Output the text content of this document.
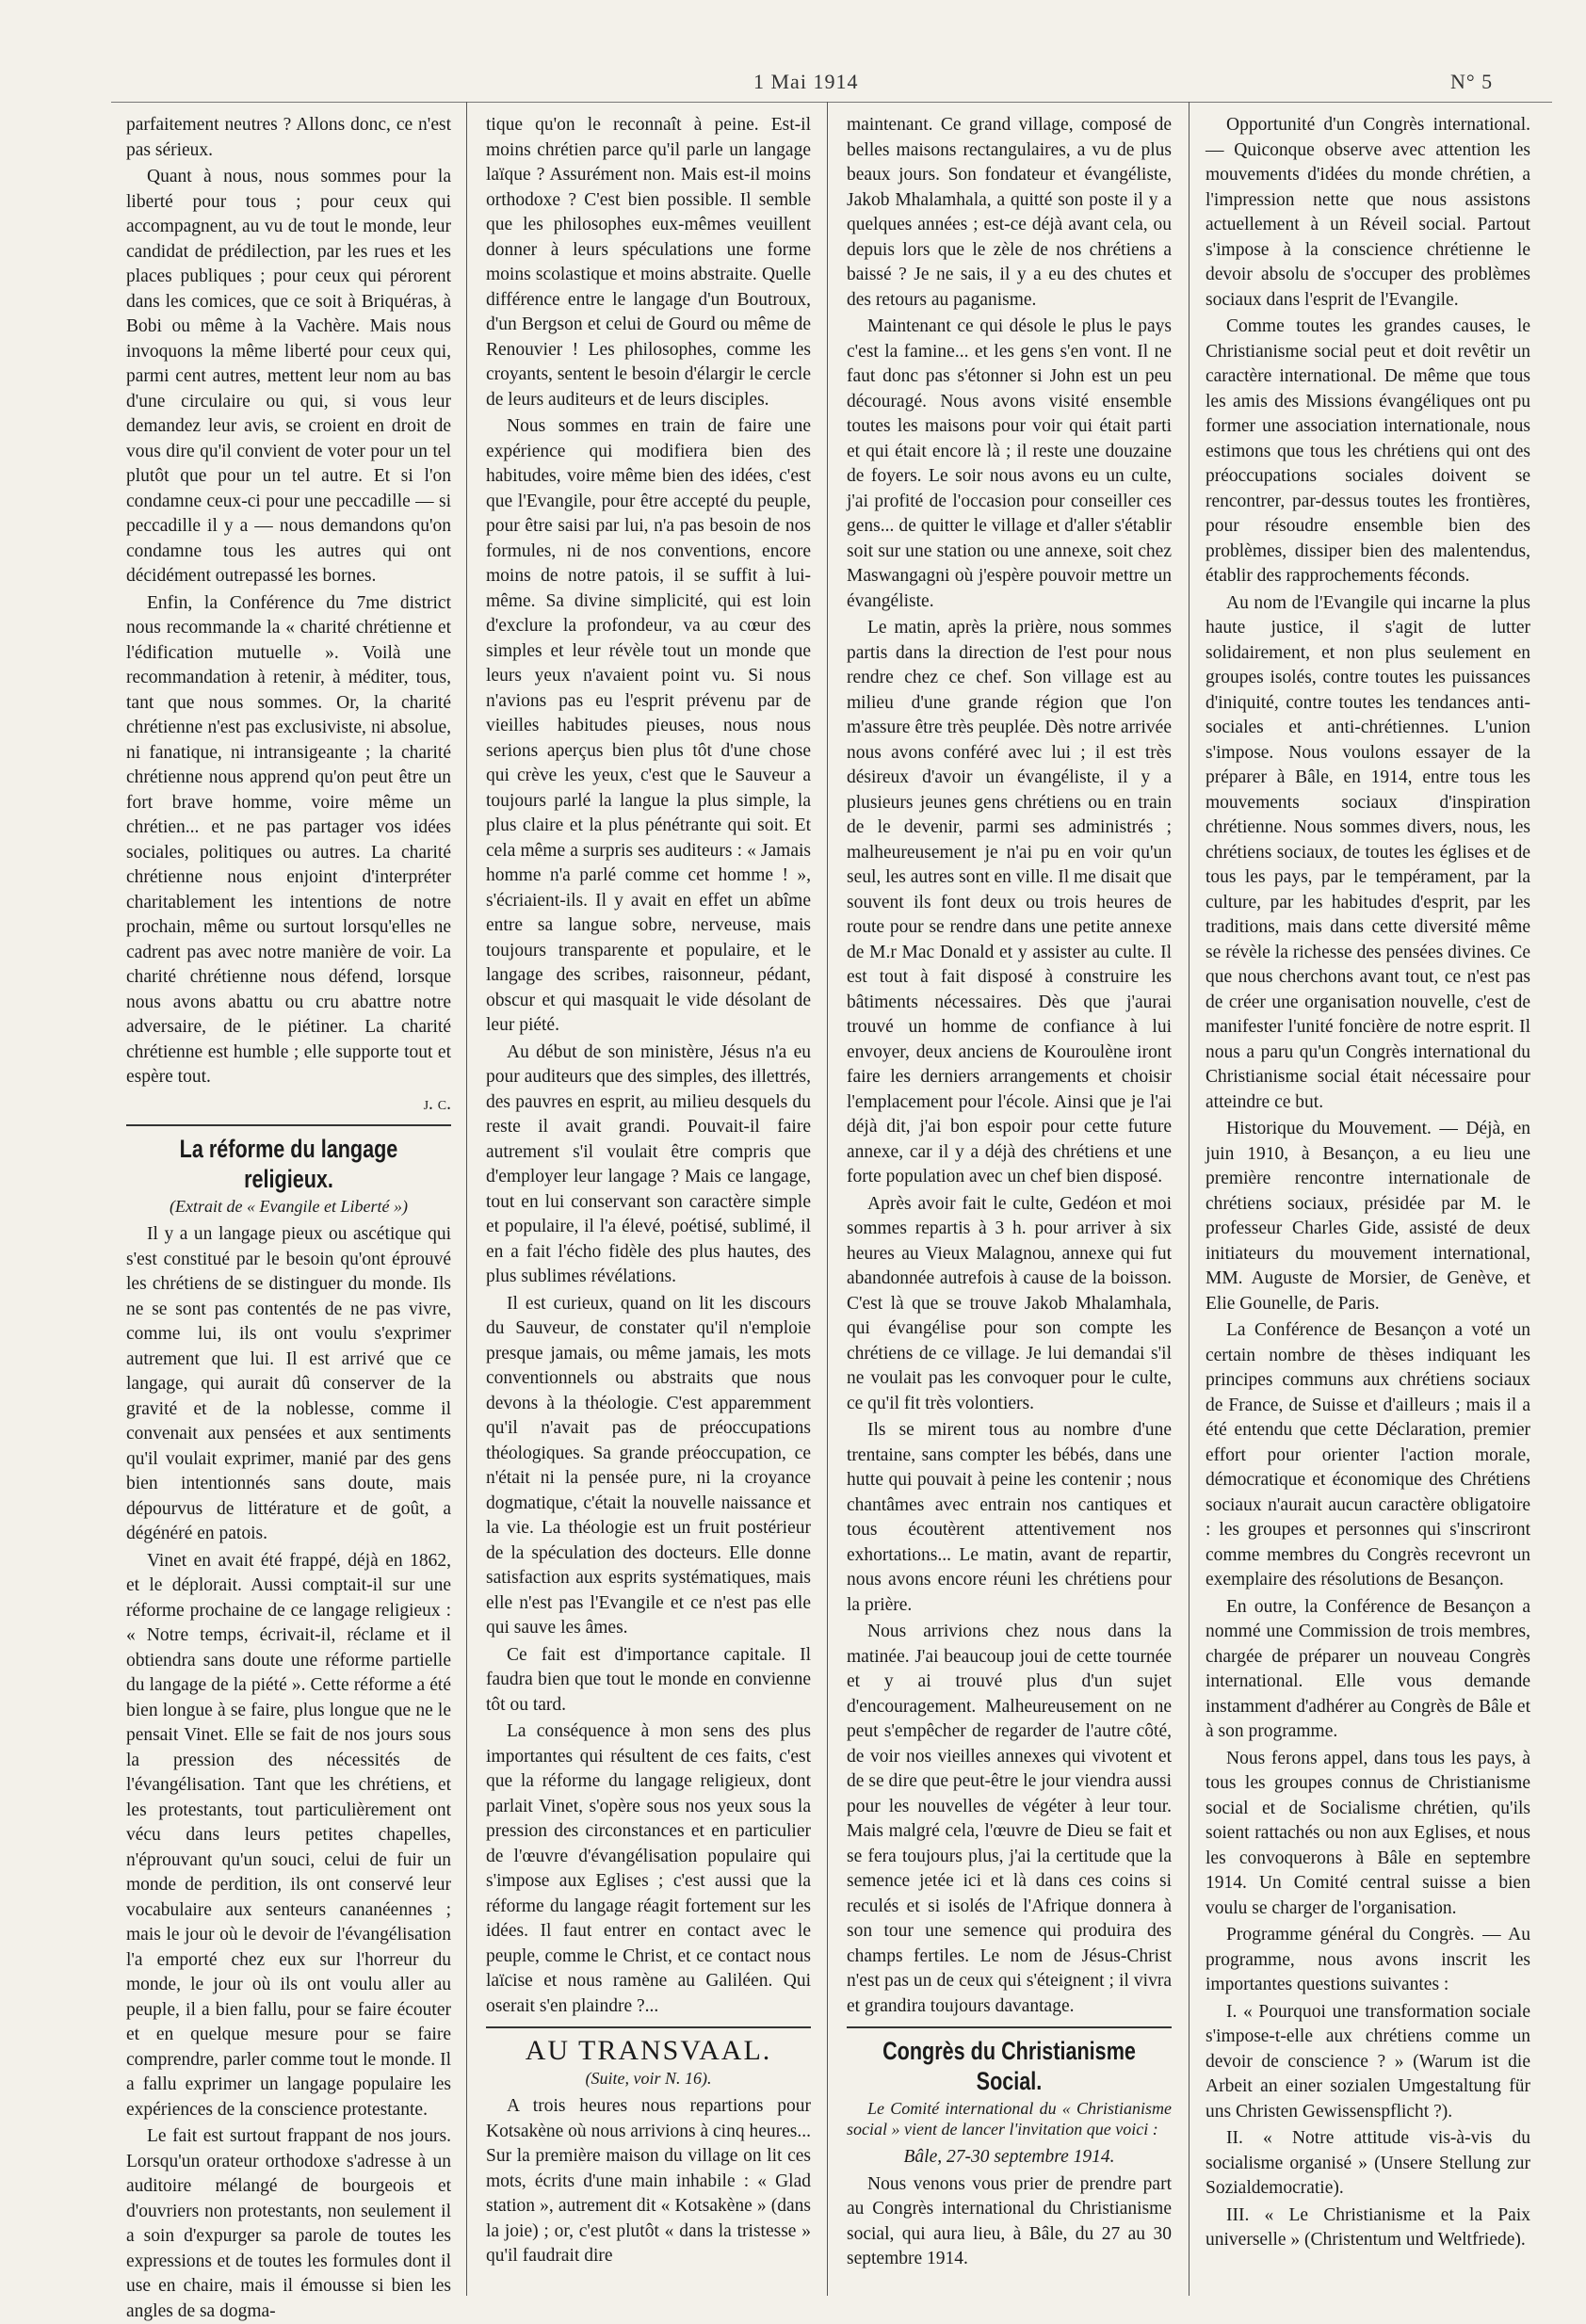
N° 5
1 Mai 1914

parfaitement neutres ? Allons donc, ce n'est pas sérieux.

Quant à nous, nous sommes pour la liberté pour tous ; pour ceux qui accompagnent, au vu de tout le monde, leur candidat de prédilection, par les rues et les places publiques ; pour ceux qui pérorent dans les comices, que ce soit à Briquéras, à Bobi ou même à la Vachère. Mais nous invoquons la même liberté pour ceux qui, parmi cent autres, mettent leur nom au bas d'une circulaire ou qui, si vous leur demandez leur avis, se croient en droit de vous dire qu'il convient de voter pour un tel plutôt que pour un tel autre. Et si l'on condamne ceux-ci pour une peccadille — si peccadille il y a — nous demandons qu'on condamne tous les autres qui ont décidément outrepassé les bornes.

Enfin, la Conférence du 7me district nous recommande la « charité chrétienne et l'édification mutuelle ». Voilà une recommandation à retenir, à méditer, tous, tant que nous sommes. Or, la charité chrétienne n'est pas exclusiviste, ni absolue, ni fanatique, ni intransigeante ; la charité chrétienne nous apprend qu'on peut être un fort brave homme, voire même un chrétien... et ne pas partager vos idées sociales, politiques ou autres. La charité chrétienne nous enjoint d'interpréter charitablement les intentions de notre prochain, même ou surtout lorsqu'elles ne cadrent pas avec notre manière de voir. La charité chrétienne nous défend, lorsque nous avons abattu ou cru abattre notre adversaire, de le piétiner. La charité chrétienne est humble ; elle supporte tout et espère tout.

j. c.

La réforme du langage religieux.
(Extrait de « Evangile et Liberté »)

Il y a un langage pieux ou ascétique qui s'est constitué par le besoin qu'ont éprouvé les chrétiens de se distinguer du monde. Ils ne se sont pas contentés de ne pas vivre, comme lui, ils ont voulu s'exprimer autrement que lui. Il est arrivé que ce langage, qui aurait dû conserver de la gravité et de la noblesse, comme il convenait aux pensées et aux sentiments qu'il voulait exprimer, manié par des gens bien intentionnés sans doute, mais dépourvus de littérature et de goût, a dégénéré en patois.

Vinet en avait été frappé, déjà en 1862, et le déplorait. Aussi comptait-il sur une réforme prochaine de ce langage religieux : « Notre temps, écrivait-il, réclame et il obtiendra sans doute une réforme partielle du langage de la piété ». Cette réforme a été bien longue à se faire, plus longue que ne le pensait Vinet. Elle se fait de nos jours sous la pression des nécessités de l'évangélisation. Tant que les chrétiens, et les protestants, tout particulièrement ont vécu dans leurs petites chapelles, n'éprouvant qu'un souci, celui de fuir un monde de perdition, ils ont conservé leur vocabulaire aux senteurs cananéennes ; mais le jour où le devoir de l'évangélisation l'a emporté chez eux sur l'horreur du monde, le jour où ils ont voulu aller au peuple, il a bien fallu, pour se faire écouter et en quelque mesure pour se faire comprendre, parler comme tout le monde. Il a fallu exprimer un langage populaire les expériences de la conscience protestante.

Le fait est surtout frappant de nos jours. Lorsqu'un orateur orthodoxe s'adresse à un auditoire mélangé de bourgeois et d'ouvriers non protestants, non seulement il a soin d'expurger sa parole de toutes les expressions et de toutes les formules dont il use en chaire, mais il émousse si bien les angles de sa dogma-

tique qu'on le reconnaît à peine. Est-il moins chrétien parce qu'il parle un langage laïque ? Assurément non. Mais est-il moins orthodoxe ? C'est bien possible. Il semble que les philosophes eux-mêmes veuillent donner à leurs spéculations une forme moins scolastique et moins abstraite. Quelle différence entre le langage d'un Boutroux, d'un Bergson et celui de Gourd ou même de Renouvier ! Les philosophes, comme les croyants, sentent le besoin d'élargir le cercle de leurs auditeurs et de leurs disciples.

Nous sommes en train de faire une expérience qui modifiera bien des habitudes, voire même bien des idées, c'est que l'Evangile, pour être accepté du peuple, pour être saisi par lui, n'a pas besoin de nos formules, ni de nos conventions, encore moins de notre patois, il se suffit à lui-même. Sa divine simplicité, qui est loin d'exclure la profondeur, va au cœur des simples et leur révèle tout un monde que leurs yeux n'avaient point vu. Si nous n'avions pas eu l'esprit prévenu par de vieilles habitudes pieuses, nous nous serions aperçus bien plus tôt d'une chose qui crève les yeux, c'est que le Sauveur a toujours parlé la langue la plus simple, la plus claire et la plus pénétrante qui soit. Et cela même a surpris ses auditeurs : « Jamais homme n'a parlé comme cet homme ! », s'écriaient-ils. Il y avait en effet un abîme entre sa langue sobre, nerveuse, mais toujours transparente et populaire, et le langage des scribes, raisonneur, pédant, obscur et qui masquait le vide désolant de leur piété.

Au début de son ministère, Jésus n'a eu pour auditeurs que des simples, des illettrés, des pauvres en esprit, au milieu desquels du reste il avait grandi. Pouvait-il faire autrement s'il voulait être compris que d'employer leur langage ? Mais ce langage, tout en lui conservant son caractère simple et populaire, il l'a élevé, poétisé, sublimé, il en a fait l'écho fidèle des plus hautes, des plus sublimes révélations.

Il est curieux, quand on lit les discours du Sauveur, de constater qu'il n'emploie presque jamais, ou même jamais, les mots conventionnels ou abstraits que nous devons à la théologie. C'est apparemment qu'il n'avait pas de préoccupations théologiques. Sa grande préoccupation, ce n'était ni la pensée pure, ni la croyance dogmatique, c'était la nouvelle naissance et la vie. La théologie est un fruit postérieur de la spéculation des docteurs. Elle donne satisfaction aux esprits systématiques, mais elle n'est pas l'Evangile et ce n'est pas elle qui sauve les âmes.

Ce fait est d'importance capitale. Il faudra bien que tout le monde en convienne tôt ou tard.

La conséquence à mon sens des plus importantes qui résultent de ces faits, c'est que la réforme du langage religieux, dont parlait Vinet, s'opère sous nos yeux sous la pression des circonstances et en particulier de l'œuvre d'évangélisation populaire qui s'impose aux Eglises ; c'est aussi que la réforme du langage réagit fortement sur les idées. Il faut entrer en contact avec le peuple, comme le Christ, et ce contact nous laïcise et nous ramène au Galiléen. Qui oserait s'en plaindre ?...

AU TRANSVAAL.
(Suite, voir N. 16).

A trois heures nous repartions pour Kotsakène où nous arrivions à cinq heures... Sur la première maison du village on lit ces mots, écrits d'une main inhabile : « Glad station », autrement dit « Kotsakène » (dans la joie) ; or, c'est plutôt « dans la tristesse » qu'il faudrait dire

maintenant. Ce grand village, composé de belles maisons rectangulaires, a vu de plus beaux jours. Son fondateur et évangéliste, Jakob Mhalamhala, a quitté son poste il y a quelques années ; est-ce déjà avant cela, ou depuis lors que le zèle de nos chrétiens a baissé ? Je ne sais, il y a eu des chutes et des retours au paganisme.

Maintenant ce qui désole le plus le pays c'est la famine... et les gens s'en vont. Il ne faut donc pas s'étonner si John est un peu découragé. Nous avons visité ensemble toutes les maisons pour voir qui était parti et qui était encore là ; il reste une douzaine de foyers. Le soir nous avons eu un culte, j'ai profité de l'occasion pour conseiller ces gens... de quitter le village et d'aller s'établir soit sur une station ou une annexe, soit chez Maswangagni où j'espère pouvoir mettre un évangéliste.

Le matin, après la prière, nous sommes partis dans la direction de l'est pour nous rendre chez ce chef. Son village est au milieu d'une grande région que l'on m'assure être très peuplée. Dès notre arrivée nous avons conféré avec lui ; il est très désireux d'avoir un évangéliste, il y a plusieurs jeunes gens chrétiens ou en train de le devenir, parmi ses administrés ; malheureusement je n'ai pu en voir qu'un seul, les autres sont en ville. Il me disait que souvent ils font deux ou trois heures de route pour se rendre dans une petite annexe de M.r Mac Donald et y assister au culte. Il est tout à fait disposé à construire les bâtiments nécessaires. Dès que j'aurai trouvé un homme de confiance à lui envoyer, deux anciens de Kouroulène iront faire les derniers arrangements et choisir l'emplacement pour l'école. Ainsi que je l'ai déjà dit, j'ai bon espoir pour cette future annexe, car il y a déjà des chrétiens et une forte population avec un chef bien disposé.

Après avoir fait le culte, Gedéon et moi sommes repartis à 3 h. pour arriver à six heures au Vieux Malagnou, annexe qui fut abandonnée autrefois à cause de la boisson. C'est là que se trouve Jakob Mhalamhala, qui évangélise pour son compte les chrétiens de ce village. Je lui demandai s'il ne voulait pas les convoquer pour le culte, ce qu'il fit très volontiers.

Ils se mirent tous au nombre d'une trentaine, sans compter les bébés, dans une hutte qui pouvait à peine les contenir ; nous chantâmes avec entrain nos cantiques et tous écoutèrent attentivement nos exhortations... Le matin, avant de repartir, nous avons encore réuni les chrétiens pour la prière.

Nous arrivions chez nous dans la matinée. J'ai beaucoup joui de cette tournée et y ai trouvé plus d'un sujet d'encouragement. Malheureusement on ne peut s'empêcher de regarder de l'autre côté, de voir nos vieilles annexes qui vivotent et de se dire que peut-être le jour viendra aussi pour les nouvelles de végéter à leur tour. Mais malgré cela, l'œuvre de Dieu se fait et se fera toujours plus, j'ai la certitude que la semence jetée ici et là dans ces coins si reculés et si isolés de l'Afrique donnera à son tour une semence qui produira des champs fertiles. Le nom de Jésus-Christ n'est pas un de ceux qui s'éteignent ; il vivra et grandira toujours davantage.

Congrès du Christianisme Social.
Le Comité international du « Christianisme social » vient de lancer l'invitation que voici :

Bâle, 27-30 septembre 1914.

Nous venons vous prier de prendre part au Congrès international du Christianisme social, qui aura lieu, à Bâle, du 27 au 30 septembre 1914.

Opportunité d'un Congrès international. — Quiconque observe avec attention les mouvements d'idées du monde chrétien, a l'impression nette que nous assistons actuellement à un Réveil social. Partout s'impose à la conscience chrétienne le devoir absolu de s'occuper des problèmes sociaux dans l'esprit de l'Evangile.

Comme toutes les grandes causes, le Christianisme social peut et doit revêtir un caractère international. De même que tous les amis des Missions évangéliques ont pu former une association internationale, nous estimons que tous les chrétiens qui ont des préoccupations sociales doivent se rencontrer, par-dessus toutes les frontières, pour résoudre ensemble bien des problèmes, dissiper bien des malentendus, établir des rapprochements féconds.

Au nom de l'Evangile qui incarne la plus haute justice, il s'agit de lutter solidairement, et non plus seulement en groupes isolés, contre toutes les puissances d'iniquité, contre toutes les tendances anti-sociales et anti-chrétiennes. L'union s'impose. Nous voulons essayer de la préparer à Bâle, en 1914, entre tous les mouvements sociaux d'inspiration chrétienne. Nous sommes divers, nous, les chrétiens sociaux, de toutes les églises et de tous les pays, par le tempérament, par la culture, par les habitudes d'esprit, par les traditions, mais dans cette diversité même se révèle la richesse des pensées divines. Ce que nous cherchons avant tout, ce n'est pas de créer une organisation nouvelle, c'est de manifester l'unité foncière de notre esprit. Il nous a paru qu'un Congrès international du Christianisme social était nécessaire pour atteindre ce but.

Historique du Mouvement. — Déjà, en juin 1910, à Besançon, a eu lieu une première rencontre internationale de chrétiens sociaux, présidée par M. le professeur Charles Gide, assisté de deux initiateurs du mouvement international, MM. Auguste de Morsier, de Genève, et Elie Gounelle, de Paris.

La Conférence de Besançon a voté un certain nombre de thèses indiquant les principes communs aux chrétiens sociaux de France, de Suisse et d'ailleurs ; mais il a été entendu que cette Déclaration, premier effort pour orienter l'action morale, démocratique et économique des Chrétiens sociaux n'aurait aucun caractère obligatoire : les groupes et personnes qui s'inscriront comme membres du Congrès recevront un exemplaire des résolutions de Besançon.

En outre, la Conférence de Besançon a nommé une Commission de trois membres, chargée de préparer un nouveau Congrès international. Elle vous demande instamment d'adhérer au Congrès de Bâle et à son programme.

Nous ferons appel, dans tous les pays, à tous les groupes connus de Christianisme social et de Socialisme chrétien, qu'ils soient rattachés ou non aux Eglises, et nous les convoquerons à Bâle en septembre 1914. Un Comité central suisse a bien voulu se charger de l'organisation.

Programme général du Congrès. — Au programme, nous avons inscrit les importantes questions suivantes :

I. « Pourquoi une transformation sociale s'impose-t-elle aux chrétiens comme un devoir de conscience ? » (Warum ist die Arbeit an einer sozialen Umgestaltung für uns Christen Gewissenspflicht ?).

II. « Notre attitude vis-à-vis du socialisme organisé » (Unsere Stellung zur Sozialdemocratie).

III. « Le Christianisme et la Paix universelle » (Christentum und Weltfriede).
